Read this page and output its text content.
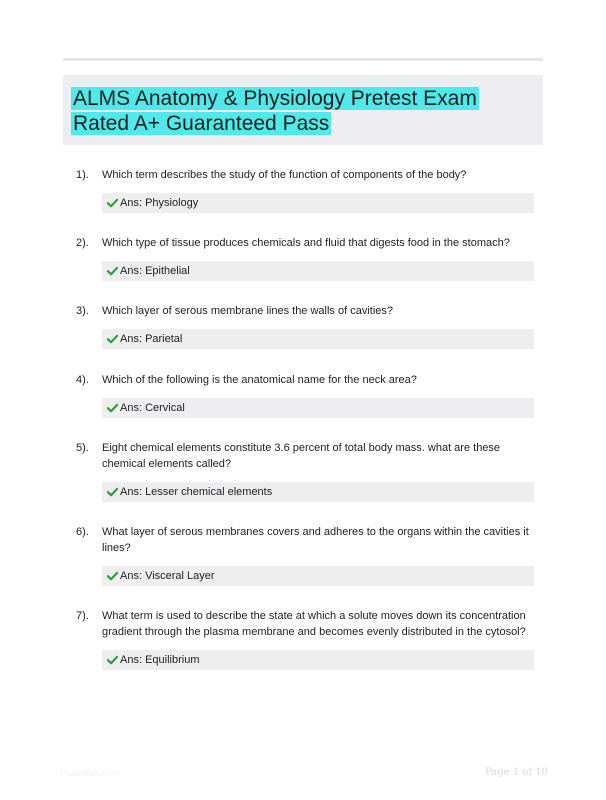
ALMS Anatomy & Physiology Pretest Exam Rated A+ Guaranteed Pass
1). Which term describes the study of the function of components of the body?
Ans: Physiology
2). Which type of tissue produces chemicals and fluid that digests food in the stomach?
Ans: Epithelial
3). Which layer of serous membrane lines the walls of cavities?
Ans: Parietal
4). Which of the following is the anatomical name for the neck area?
Ans: Cervical
5). Eight chemical elements constitute 3.6 percent of total body mass. what are these chemical elements called?
Ans: Lesser chemical elements
6). What layer of serous membranes covers and adheres to the organs within the cavities it lines?
Ans: Visceral Layer
7). What term is used to describe the state at which a solute moves down its concentration gradient through the plasma membrane and becomes evenly distributed in the cytosol?
Ans: Equilibrium
Papertibic.com	Page 1 of 10
